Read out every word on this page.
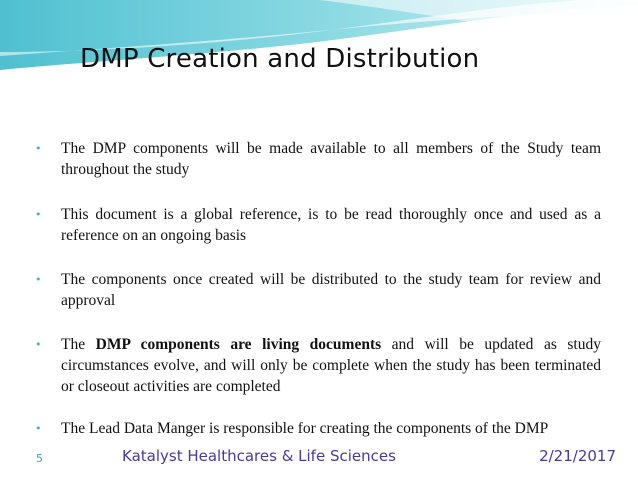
DMP Creation and Distribution
•	The DMP components will be made available to all members of the Study team throughout the study
•	This document is a global reference, is to be read thoroughly once and used as a reference on an ongoing basis
•	The components once created will be distributed to the study team for review and approval
•	The DMP components are living documents and will be updated as study circumstances evolve, and will only be complete when the study has been terminated or closeout activities are completed
•	The Lead Data Manger is responsible for creating the components of the DMP
5	Katalyst Healthcares & Life Sciences	2/21/2017
